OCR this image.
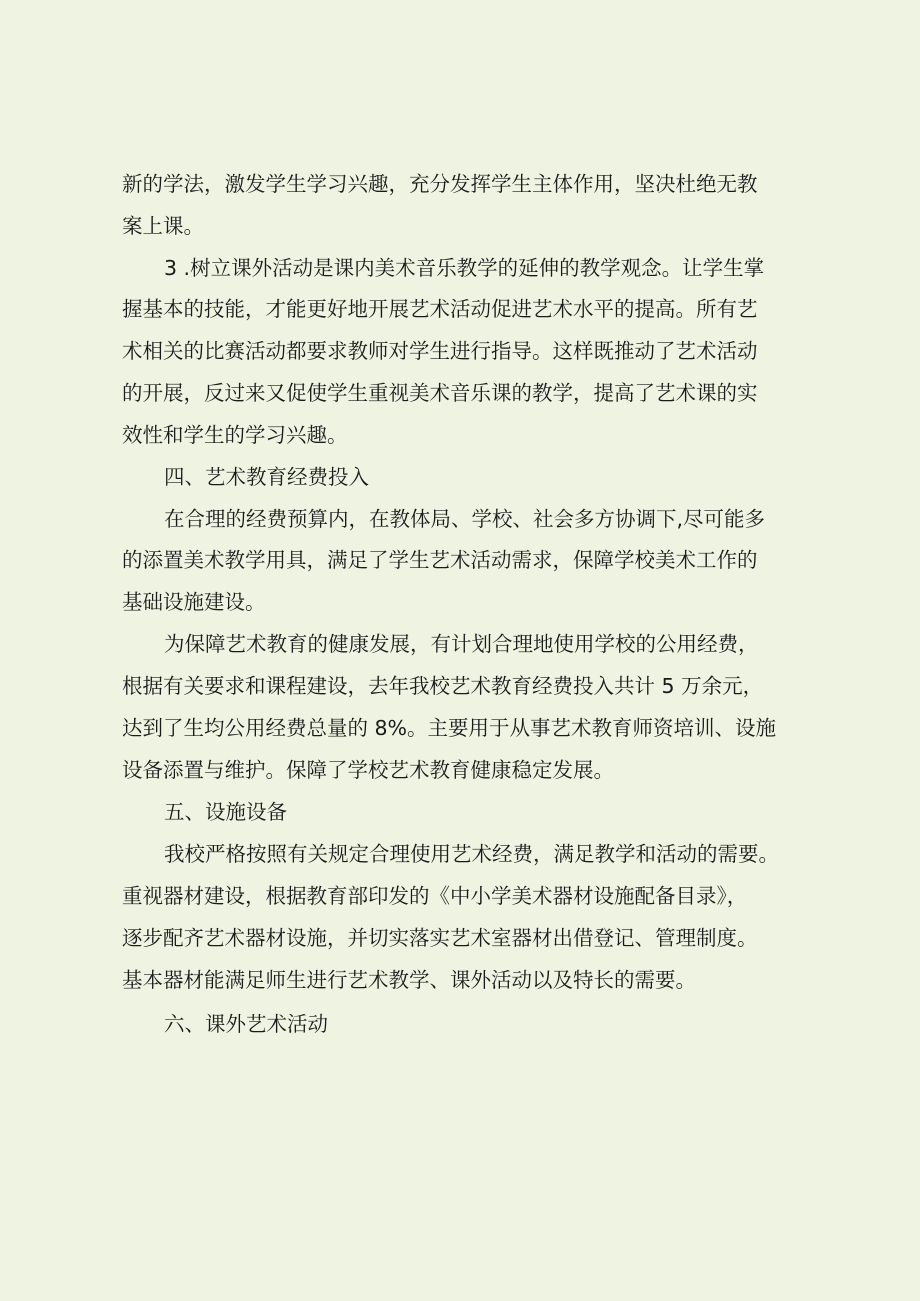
新的学法，激发学生学习兴趣，充分发挥学生主体作用，坚决杜绝无教
案上课。
3 .树立课外活动是课内美术音乐教学的延伸的教学观念。让学生掌
握基本的技能，才能更好地开展艺术活动促进艺术水平的提高。所有艺
术相关的比赛活动都要求教师对学生进行指导。这样既推动了艺术活动
的开展，反过来又促使学生重视美术音乐课的教学，提高了艺术课的实
效性和学生的学习兴趣。
四、艺术教育经费投入
在合理的经费预算内，在教体局、学校、社会多方协调下,尽可能多
的添置美术教学用具，满足了学生艺术活动需求，保障学校美术工作的
基础设施建设。
为保障艺术教育的健康发展，有计划合理地使用学校的公用经费，
根据有关要求和课程建设，去年我校艺术教育经费投入共计 5 万余元，
达到了生均公用经费总量的 8%。主要用于从事艺术教育师资培训、设施
设备添置与维护。保障了学校艺术教育健康稳定发展。
五、设施设备
我校严格按照有关规定合理使用艺术经费，满足教学和活动的需要。
重视器材建设，根据教育部印发的《中小学美术器材设施配备目录》，
逐步配齐艺术器材设施，并切实落实艺术室器材出借登记、管理制度。
基本器材能满足师生进行艺术教学、课外活动以及特长的需要。
六、课外艺术活动
